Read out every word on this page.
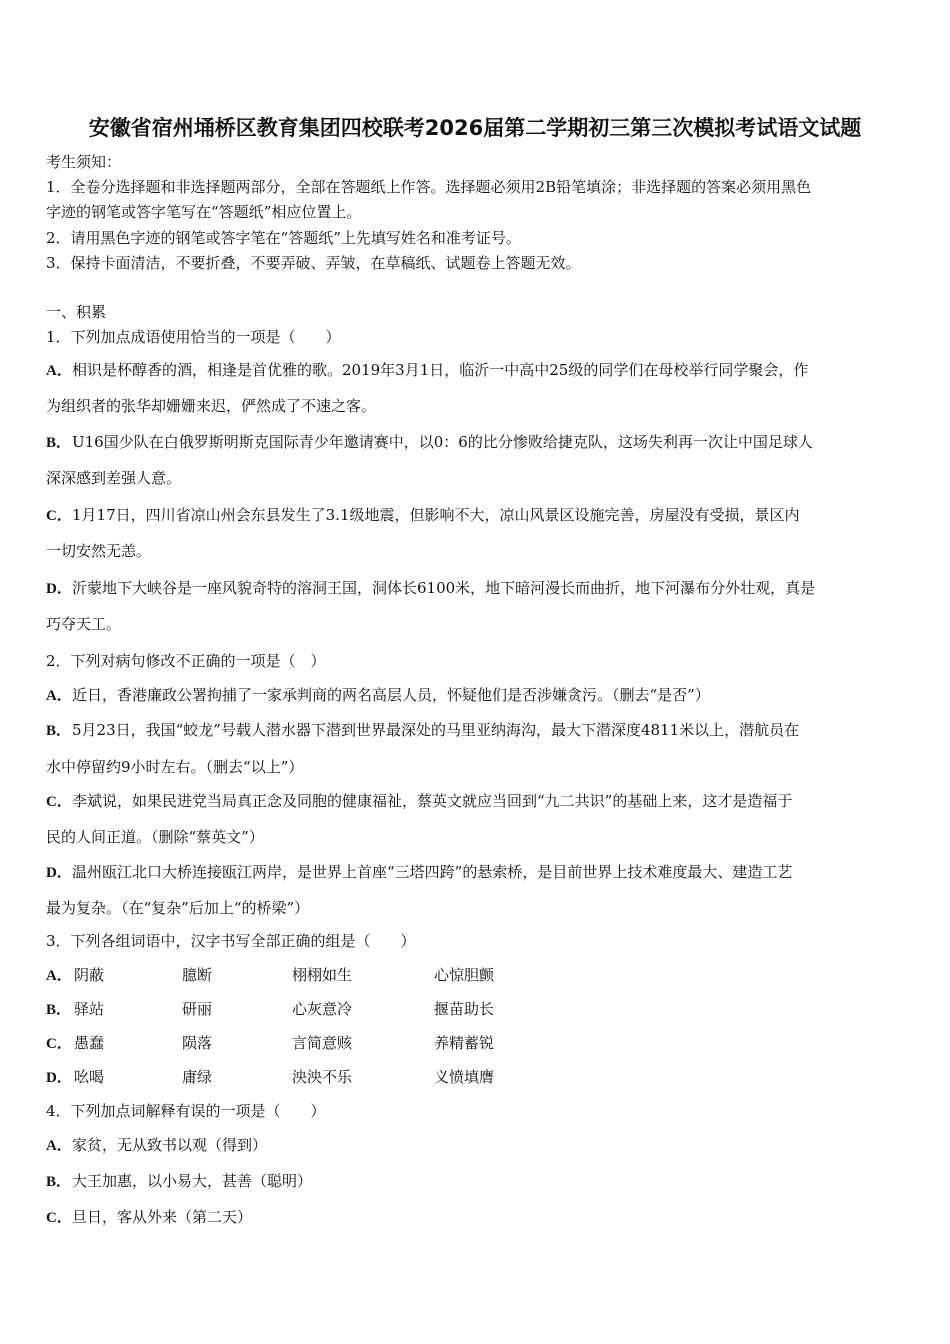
安徽省宿州埇桥区教育集团四校联考2026届第二学期初三第三次模拟考试语文试题
考生须知：
1．全卷分选择题和非选择题两部分，全部在答题纸上作答。选择题必须用2B铅笔填涂；非选择题的答案必须用黑色
字迹的钢笔或答字笔写在“答题纸”相应位置上。
2．请用黑色字迹的钢笔或答字笔在“答题纸”上先填写姓名和准考证号。
3．保持卡面清洁，不要折叠，不要弄破、弄皱，在草稿纸、试题卷上答题无效。
一、积累
1．下列加点成语使用恰当的一项是（　　）
A．相识是杯醇香的酒，相逢是首优雅的歌。2019年3月1日，临沂一中高中25级的同学们在母校举行同学聚会，作
为组织者的张华却姗姗来迟，俨然成了不速之客。
B．U16国少队在白俄罗斯明斯克国际青少年邀请赛中，以0：6的比分惨败给捷克队，这场失利再一次让中国足球人
深深感到差强人意。
C．1月17日，四川省凉山州会东县发生了3.1级地震，但影响不大，凉山风景区设施完善，房屋没有受损，景区内
一切安然无恙。
D．沂蒙地下大峡谷是一座风貌奇特的溶洞王国，洞体长6100米，地下暗河漫长而曲折，地下河瀑布分外壮观，真是
巧夺天工。
2．下列对病句修改不正确的一项是（　）
A．近日，香港廉政公署拘捕了一家承判商的两名高层人员，怀疑他们是否涉嫌贪污。（删去“是否”）
B．5月23日，我国“蛟龙”号载人潜水器下潜到世界最深处的马里亚纳海沟，最大下潜深度4811米以上，潜航员在
水中停留约9小时左右。（删去“以上”）
C．李斌说，如果民进党当局真正念及同胞的健康福祉，蔡英文就应当回到“九二共识”的基础上来，这才是造福于
民的人间正道。（删除“蔡英文”）
D．温州瓯江北口大桥连接瓯江两岸，是世界上首座“三塔四跨”的悬索桥，是目前世界上技术难度最大、建造工艺
最为复杂。（在“复杂”后加上“的桥梁”）
3．下列各组词语中，汉字书写全部正确的组是（　　）
A． 阴蔽	臆断	栩栩如生	心惊胆颤
B． 驿站	研丽	心灰意冷	揠苗助长
C． 愚蠢	陨落	言简意赅	养精蓄锐
D． 吆喝	庸绿	泱泱不乐	义愤填膺
4．下列加点词解释有误的一项是（　　）
A．家贫，无从致书以观（得到）
B．大王加惠，以小易大，甚善（聪明）
C．旦日，客从外来（第二天）
